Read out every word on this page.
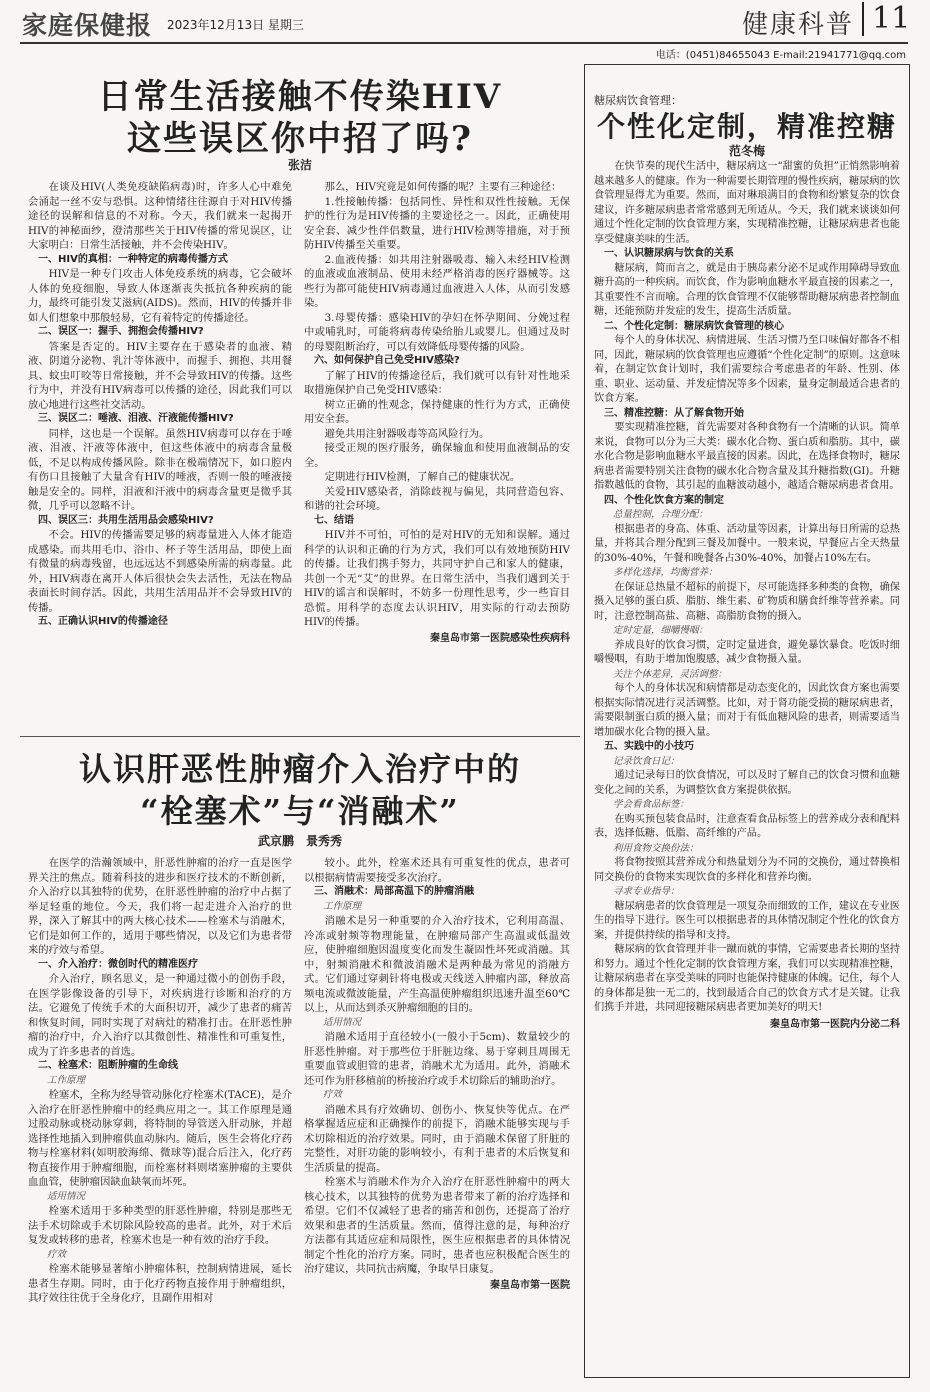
家庭保健报 2023年12月13日 星期三	健康科普 11
电话：(0451)84655043 E-mail:21941771@qq.com
日常生活接触不传染HIV
这些误区你中招了吗?
张洁

在谈及HIV(人类免疫缺陷病毒)时，许多人心中难免会涌起一丝不安与恐惧。这种情绪往往源自于对HIV传播途径的误解和信息的不对称。今天，我们就来一起揭开HIV的神秘面纱，澄清那些关于HIV传播的常见误区，让大家明白：日常生活接触，并不会传染HIV。

一、HIV的真相：一种特定的病毒传播方式

HIV是一种专门攻击人体免疫系统的病毒，它会破坏人体的免疫细胞，导致人体逐渐丧失抵抗各种疾病的能力，最终可能引发艾滋病(AIDS)。然而，HIV的传播并非如人们想象中那般轻易，它有着特定的传播途径。

二、误区一：握手、拥抱会传播HIV?

答案是否定的。HIV主要存在于感染者的血液、精液、阴道分泌物、乳汁等体液中，而握手、拥抱、共用餐具、蚊虫叮咬等日常接触，并不会导致HIV的传播。这些行为中，并没有HIV病毒可以传播的途径，因此我们可以放心地进行这些社交活动。

三、误区二：唾液、泪液、汗液能传播HIV?

同样，这也是一个误解。虽然HIV病毒可以存在于唾液、泪液、汗液等体液中，但这些体液中的病毒含量极低，不足以构成传播风险。除非在极端情况下，如口腔内有伤口且接触了大量含有HIV的唾液，否则一般的唾液接触是安全的。同样，泪液和汗液中的病毒含量更是微乎其微，几乎可以忽略不计。

四、误区三：共用生活用品会感染HIV?

不会。HIV的传播需要足够的病毒量进入人体才能造成感染。而共用毛巾、浴巾、杯子等生活用品，即使上面有微量的病毒残留，也远远达不到感染所需的病毒量。此外，HIV病毒在离开人体后很快会失去活性，无法在物品表面长时间存活。因此，共用生活用品并不会导致HIV的传播。

五、正确认识HIV的传播途径

那么，HIV究竟是如何传播的呢？主要有三种途径：

1.性接触传播：包括同性、异性和双性性接触。无保护的性行为是HIV传播的主要途径之一。因此，正确使用安全套、减少性伴侣数量，进行HIV检测等措施，对于预防HIV传播至关重要。

2.血液传播：如共用注射器吸毒、输入未经HIV检测的血液或血液制品、使用未经严格消毒的医疗器械等。这些行为都可能使HIV病毒通过血液进入人体，从而引发感染。

3.母婴传播：感染HIV的孕妇在怀孕期间、分娩过程中或哺乳时，可能将病毒传染给胎儿或婴儿。但通过及时的母婴阻断治疗，可以有效降低母婴传播的风险。

六、如何保护自己免受HIV感染?

了解了HIV的传播途径后，我们就可以有针对性地采取措施保护自己免受HIV感染：

树立正确的性观念，保持健康的性行为方式，正确使用安全套。

避免共用注射器吸毒等高风险行为。

接受正规的医疗服务，确保输血和使用血液制品的安全。

定期进行HIV检测，了解自己的健康状况。

关爱HIV感染者，消除歧视与偏见，共同营造包容、和谐的社会环境。

七、结语

HIV并不可怕，可怕的是对HIV的无知和误解。通过科学的认识和正确的行为方式，我们可以有效地预防HIV的传播。让我们携手努力，共同守护自己和家人的健康，共创一个无“艾”的世界。在日常生活中，当我们遇到关于HIV的谣言和误解时，不妨多一份理性思考，少一些盲目恐慌。用科学的态度去认识HIV，用实际的行动去预防HIV的传播。

秦皇岛市第一医院感染性疾病科

认识肝恶性肿瘤介入治疗中的
“栓塞术”与“消融术”
武京鹏　景秀秀

在医学的浩瀚领域中，肝恶性肿瘤的治疗一直是医学界关注的焦点。随着科技的进步和医疗技术的不断创新，介入治疗以其独特的优势，在肝恶性肿瘤的治疗中占据了举足轻重的地位。今天，我们将一起走进介入治疗的世界，深入了解其中的两大核心技术——栓塞术与消融术，它们是如何工作的，适用于哪些情况，以及它们为患者带来的疗效与希望。

一、介入治疗：微创时代的精准医疗

介入治疗，顾名思义，是一种通过微小的创伤手段，在医学影像设备的引导下，对疾病进行诊断和治疗的方法。它避免了传统手术的大面积切开，减少了患者的痛苦和恢复时间，同时实现了对病灶的精准打击。在肝恶性肿瘤的治疗中，介入治疗以其微创性、精准性和可重复性，成为了许多患者的首选。

二、栓塞术：阻断肿瘤的生命线

工作原理

栓塞术，全称为经导管动脉化疗栓塞术(TACE)，是介入治疗在肝恶性肿瘤中的经典应用之一。其工作原理是通过股动脉或桡动脉穿刺，将特制的导管送入肝动脉，并超选择性地插入到肿瘤供血动脉内。随后，医生会将化疗药物与栓塞材料(如明胶海绵、微球等)混合后注入，化疗药物直接作用于肿瘤细胞，而栓塞材料则堵塞肿瘤的主要供血血管，使肿瘤因缺血缺氧而坏死。

适用情况

栓塞术适用于多种类型的肝恶性肿瘤，特别是那些无法手术切除或手术切除风险较高的患者。此外，对于术后复发或转移的患者，栓塞术也是一种有效的治疗手段。

疗效

栓塞术能够显著缩小肿瘤体积，控制病情进展，延长患者生存期。同时，由于化疗药物直接作用于肿瘤组织，其疗效往往优于全身化疗，且副作用相对

较小。此外，栓塞术还具有可重复性的优点，患者可以根据病情需要接受多次治疗。

三、消融术：局部高温下的肿瘤消融

工作原理

消融术是另一种重要的介入治疗技术，它利用高温、冷冻或射频等物理能量，在肿瘤局部产生高温或低温效应，使肿瘤细胞因温度变化而发生凝固性坏死或消融。其中，射频消融术和微波消融术是两种最为常见的消融方式。它们通过穿刺针将电极或天线送入肿瘤内部，释放高频电流或微波能量，产生高温使肿瘤组织迅速升温至60℃以上，从而达到杀灭肿瘤细胞的目的。

适用情况

消融术适用于直径较小(一般小于5cm)、数量较少的肝恶性肿瘤。对于那些位于肝脏边缘、易于穿刺且周围无重要血管或胆管的患者，消融术尤为适用。此外，消融术还可作为肝移植前的桥接治疗或手术切除后的辅助治疗。

疗效

消融术具有疗效确切、创伤小、恢复快等优点。在严格掌握适应症和正确操作的前提下，消融术能够实现与手术切除相近的治疗效果。同时，由于消融术保留了肝脏的完整性，对肝功能的影响较小，有利于患者的术后恢复和生活质量的提高。

栓塞术与消融术作为介入治疗在肝恶性肿瘤中的两大核心技术，以其独特的优势为患者带来了新的治疗选择和希望。它们不仅减轻了患者的痛苦和创伤，还提高了治疗效果和患者的生活质量。然而，值得注意的是，每种治疗方法都有其适应症和局限性，医生应根据患者的具体情况制定个性化的治疗方案。同时，患者也应积极配合医生的治疗建议，共同抗击病魔，争取早日康复。

秦皇岛市第一医院

糖尿病饮食管理：
个性化定制，精准控糖
范冬梅

在快节奏的现代生活中，糖尿病这一“甜蜜的负担”正悄然影响着越来越多人的健康。作为一种需要长期管理的慢性疾病，糖尿病的饮食管理显得尤为重要。然而，面对琳琅满目的食物和纷繁复杂的饮食建议，许多糖尿病患者常常感到无所适从。今天，我们就来谈谈如何通过个性化定制的饮食管理方案，实现精准控糖，让糖尿病患者也能享受健康美味的生活。

一、认识糖尿病与饮食的关系

糖尿病，简而言之，就是由于胰岛素分泌不足或作用障碍导致血糖升高的一种疾病。而饮食，作为影响血糖水平最直接的因素之一，其重要性不言而喻。合理的饮食管理不仅能够帮助糖尿病患者控制血糖，还能预防并发症的发生，提高生活质量。

二、个性化定制：糖尿病饮食管理的核心

每个人的身体状况、病情进展、生活习惯乃至口味偏好都各不相同，因此，糖尿病的饮食管理也应遵循“个性化定制”的原则。这意味着，在制定饮食计划时，我们需要综合考虑患者的年龄、性别、体重、职业、运动量、并发症情况等多个因素，量身定制最适合患者的饮食方案。

三、精准控糖：从了解食物开始

要实现精准控糖，首先需要对各种食物有一个清晰的认识。简单来说，食物可以分为三大类：碳水化合物、蛋白质和脂肪。其中，碳水化合物是影响血糖水平最直接的因素。因此，在选择食物时，糖尿病患者需要特别关注食物的碳水化合物含量及其升糖指数(GI)。升糖指数越低的食物，其引起的血糖波动越小，越适合糖尿病患者食用。

四、个性化饮食方案的制定

总量控制，合理分配：

根据患者的身高、体重、活动量等因素，计算出每日所需的总热量，并将其合理分配到三餐及加餐中。一般来说，早餐应占全天热量的30%-40%，午餐和晚餐各占30%-40%，加餐占10%左右。

多样化选择，均衡营养：

在保证总热量不超标的前提下，尽可能选择多种类的食物，确保摄入足够的蛋白质、脂肪、维生素、矿物质和膳食纤维等营养素。同时，注意控制高盐、高糖、高脂肪食物的摄入。

定时定量，细嚼慢咽：

养成良好的饮食习惯，定时定量进食，避免暴饮暴食。吃饭时细嚼慢咽，有助于增加饱腹感，减少食物摄入量。

关注个体差异，灵活调整：

每个人的身体状况和病情都是动态变化的，因此饮食方案也需要根据实际情况进行灵活调整。比如，对于肾功能受损的糖尿病患者，需要限制蛋白质的摄入量；而对于有低血糖风险的患者，则需要适当增加碳水化合物的摄入量。

五、实践中的小技巧

记录饮食日记：

通过记录每日的饮食情况，可以及时了解自己的饮食习惯和血糖变化之间的关系，为调整饮食方案提供依据。

学会看食品标签：

在购买预包装食品时，注意查看食品标签上的营养成分表和配料表，选择低糖、低脂、高纤维的产品。

利用食物交换份法：

将食物按照其营养成分和热量划分为不同的交换份，通过替换相同交换份的食物来实现饮食的多样化和营养均衡。

寻求专业指导：

糖尿病患者的饮食管理是一项复杂而细致的工作，建议在专业医生的指导下进行。医生可以根据患者的具体情况制定个性化的饮食方案，并提供持续的指导和支持。

糖尿病的饮食管理并非一蹴而就的事情，它需要患者长期的坚持和努力。通过个性化定制的饮食管理方案，我们可以实现精准控糖，让糖尿病患者在享受美味的同时也能保持健康的体魄。记住，每个人的身体都是独一无二的，找到最适合自己的饮食方式才是关键。让我们携手并进，共同迎接糖尿病患者更加美好的明天!

秦皇岛市第一医院内分泌二科
